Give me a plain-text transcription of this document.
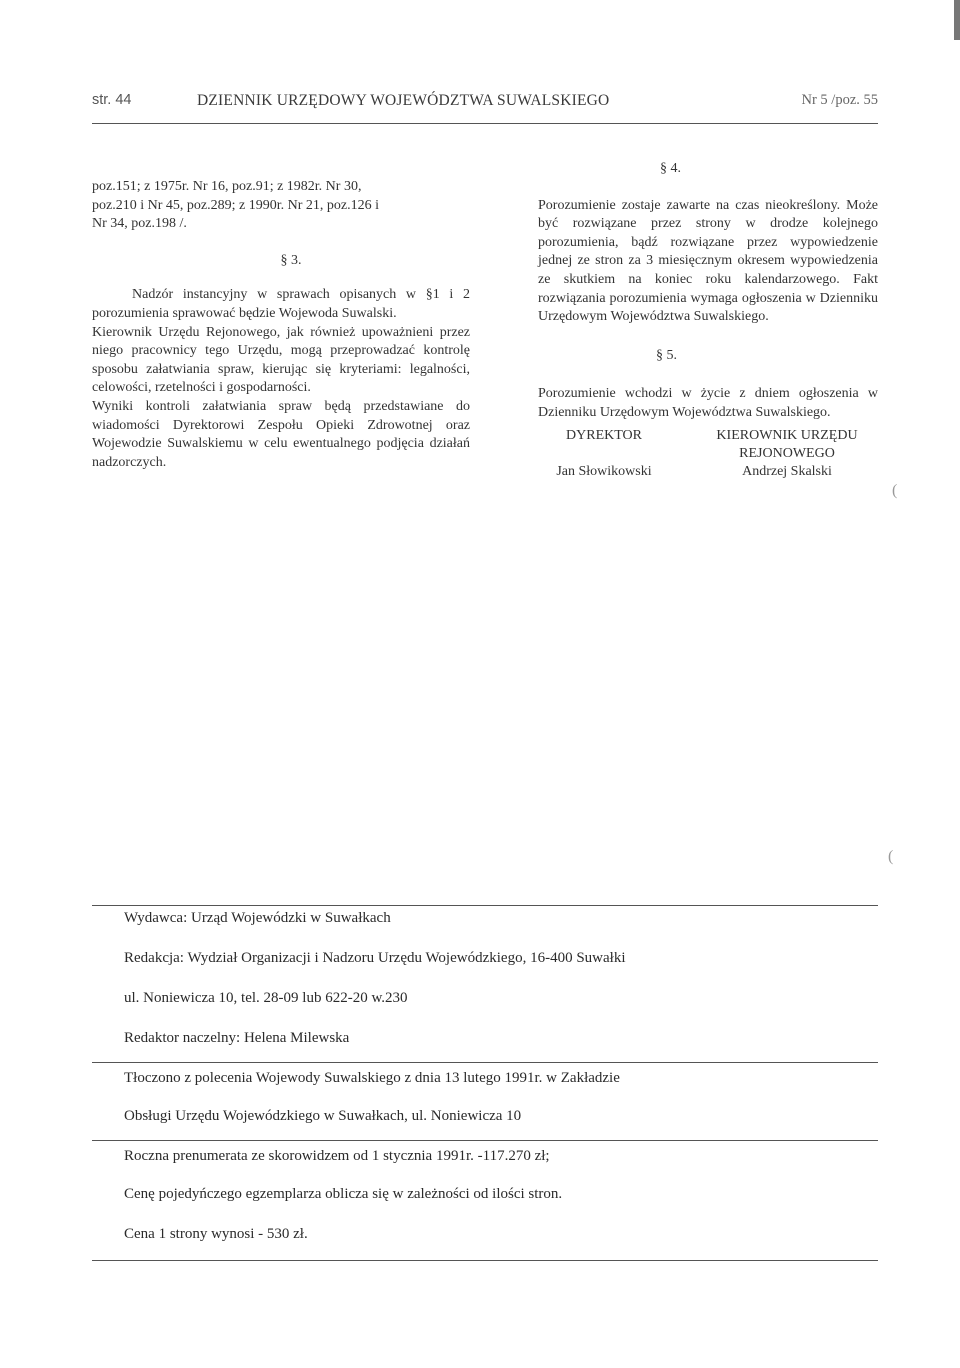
str. 44	DZIENNIK URZĘDOWY WOJEWÓDZTWA SUWALSKIEGO	Nr 5 /poz. 55
poz.151; z 1975r. Nr 16, poz.91; z 1982r. Nr 30,
poz.210 i Nr 45, poz.289; z 1990r. Nr 21, poz.126 i
Nr 34, poz.198 /.
§ 3.

Nadzór instancyjny w sprawach opisanych w §1 i 2 porozumienia sprawować będzie Wojewoda Suwalski.

Kierownik Urzędu Rejonowego, jak również upoważnieni przez niego pracownicy tego Urzędu, mogą przeprowadzać kontrolę sposobu załatwiania spraw, kierując się kryteriami: legalności, celowości, rzetelności i gospodarności.

Wyniki kontroli załatwiania spraw będą przedstawiane do wiadomości Dyrektorowi Zespołu Opieki Zdrowotnej oraz Wojewodzie Suwalskiemu w celu ewentualnego podjęcia działań nadzorczych.

§ 4.

Porozumienie zostaje zawarte na czas nieokreślony. Może być rozwiązane przez strony w drodze kolejnego porozumienia, bądź rozwiązane przez wypowiedzenie jednej ze stron za 3 miesięcznym okresem wypowiedzenia ze skutkiem na koniec roku kalendarzowego. Fakt rozwiązania porozumienia wymaga ogłoszenia w Dzienniku Urzędowym Województwa Suwalskiego.

§ 5.

Porozumienie wchodzi w życie z dniem ogłoszenia w Dzienniku Urzędowym Województwa Suwalskiego.

DYREKTOR
Jan Słowikowski
KIEROWNIK URZĘDU REJONOWEGO
Andrzej Skalski
(
(
Wydawca: Urząd Wojewódzki w Suwałkach
Redakcja: Wydział Organizacji i Nadzoru Urzędu Wojewódzkiego, 16-400 Suwałki
ul. Noniewicza 10, tel. 28-09 lub 622-20 w.230
Redaktor naczelny: Helena Milewska
Tłoczono z polecenia Wojewody Suwalskiego z dnia 13 lutego 1991r. w Zakładzie
Obsługi Urzędu Wojewódzkiego w Suwałkach, ul. Noniewicza 10
Roczna prenumerata ze skorowidzem od 1 stycznia 1991r. -117.270 zł;
Cenę pojedyńczego egzemplarza oblicza się w zależności od ilości stron.
Cena 1 strony wynosi - 530 zł.
